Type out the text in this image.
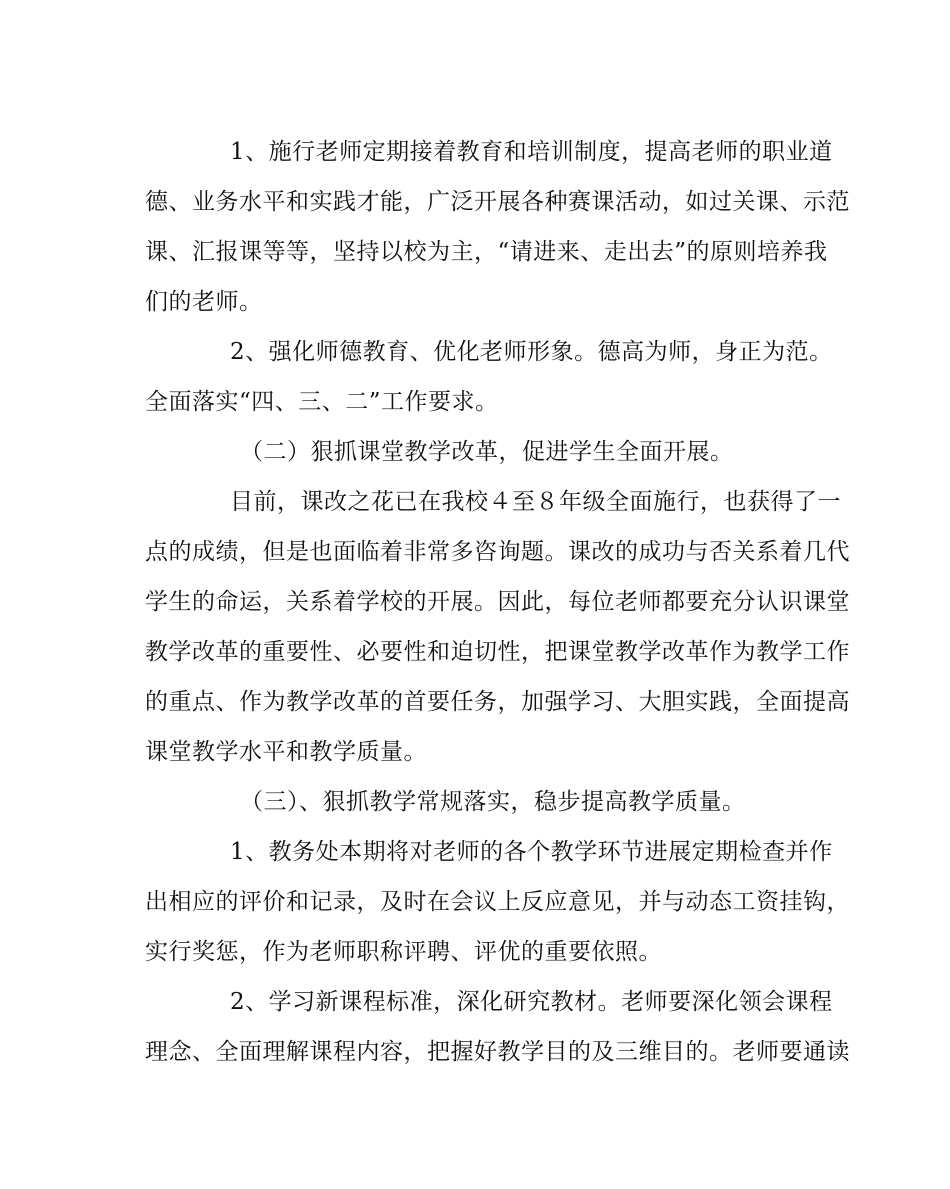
1、施行老师定期接着教育和培训制度，提高老师的职业道
德、业务水平和实践才能，广泛开展各种赛课活动，如过关课、示范
课、汇报课等等，坚持以校为主，“请进来、走出去”的原则培养我
们的老师。
2、强化师德教育、优化老师形象。德高为师，身正为范。
全面落实“四、三、二”工作要求。
（二）狠抓课堂教学改革，促进学生全面开展。
目前，课改之花已在我校４至８年级全面施行，也获得了一
点的成绩，但是也面临着非常多咨询题。课改的成功与否关系着几代
学生的命运，关系着学校的开展。因此，每位老师都要充分认识课堂
教学改革的重要性、必要性和迫切性，把课堂教学改革作为教学工作
的重点、作为教学改革的首要任务，加强学习、大胆实践，全面提高
课堂教学水平和教学质量。
（三）、狠抓教学常规落实，稳步提高教学质量。
1、教务处本期将对老师的各个教学环节进展定期检查并作
出相应的评价和记录，及时在会议上反应意见，并与动态工资挂钩，
实行奖惩，作为老师职称评聘、评优的重要依照。
2、学习新课程标准，深化研究教材。老师要深化领会课程
理念、全面理解课程内容，把握好教学目的及三维目的。老师要通读
